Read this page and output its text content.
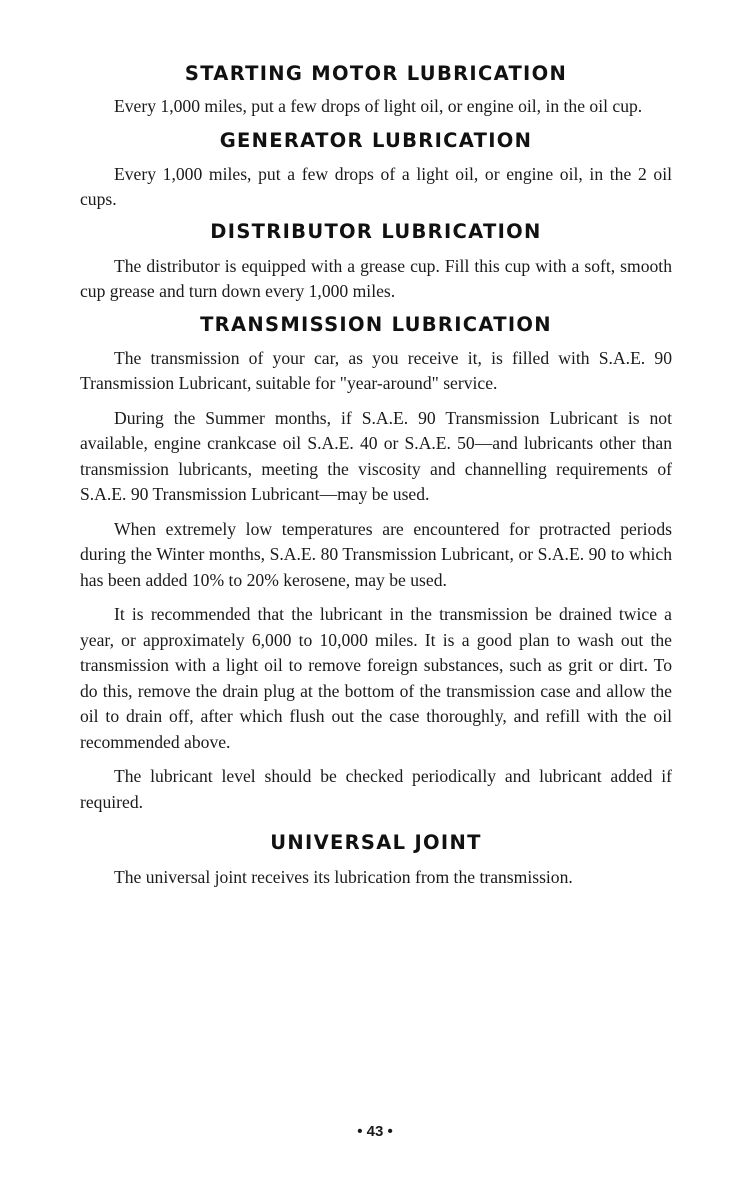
STARTING MOTOR LUBRICATION

Every 1,000 miles, put a few drops of light oil, or engine oil, in the oil cup.

GENERATOR LUBRICATION

Every 1,000 miles, put a few drops of a light oil, or engine oil, in the 2 oil cups.

DISTRIBUTOR LUBRICATION

The distributor is equipped with a grease cup. Fill this cup with a soft, smooth cup grease and turn down every 1,000 miles.

TRANSMISSION LUBRICATION

The transmission of your car, as you receive it, is filled with S.A.E. 90 Transmission Lubricant, suitable for "year-around" service.

During the Summer months, if S.A.E. 90 Transmission Lubricant is not available, engine crankcase oil S.A.E. 40 or S.A.E. 50—and lubricants other than transmission lubricants, meeting the viscosity and channelling requirements of S.A.E. 90 Transmission Lubricant—may be used.

When extremely low temperatures are encountered for protracted periods during the Winter months, S.A.E. 80 Transmission Lubricant, or S.A.E. 90 to which has been added 10% to 20% kerosene, may be used.

It is recommended that the lubricant in the transmission be drained twice a year, or approximately 6,000 to 10,000 miles. It is a good plan to wash out the transmission with a light oil to remove foreign substances, such as grit or dirt. To do this, remove the drain plug at the bottom of the transmission case and allow the oil to drain off, after which flush out the case thoroughly, and refill with the oil recommended above.

The lubricant level should be checked periodically and lubricant added if required.

UNIVERSAL JOINT

The universal joint receives its lubrication from the transmission.

• 43 •
